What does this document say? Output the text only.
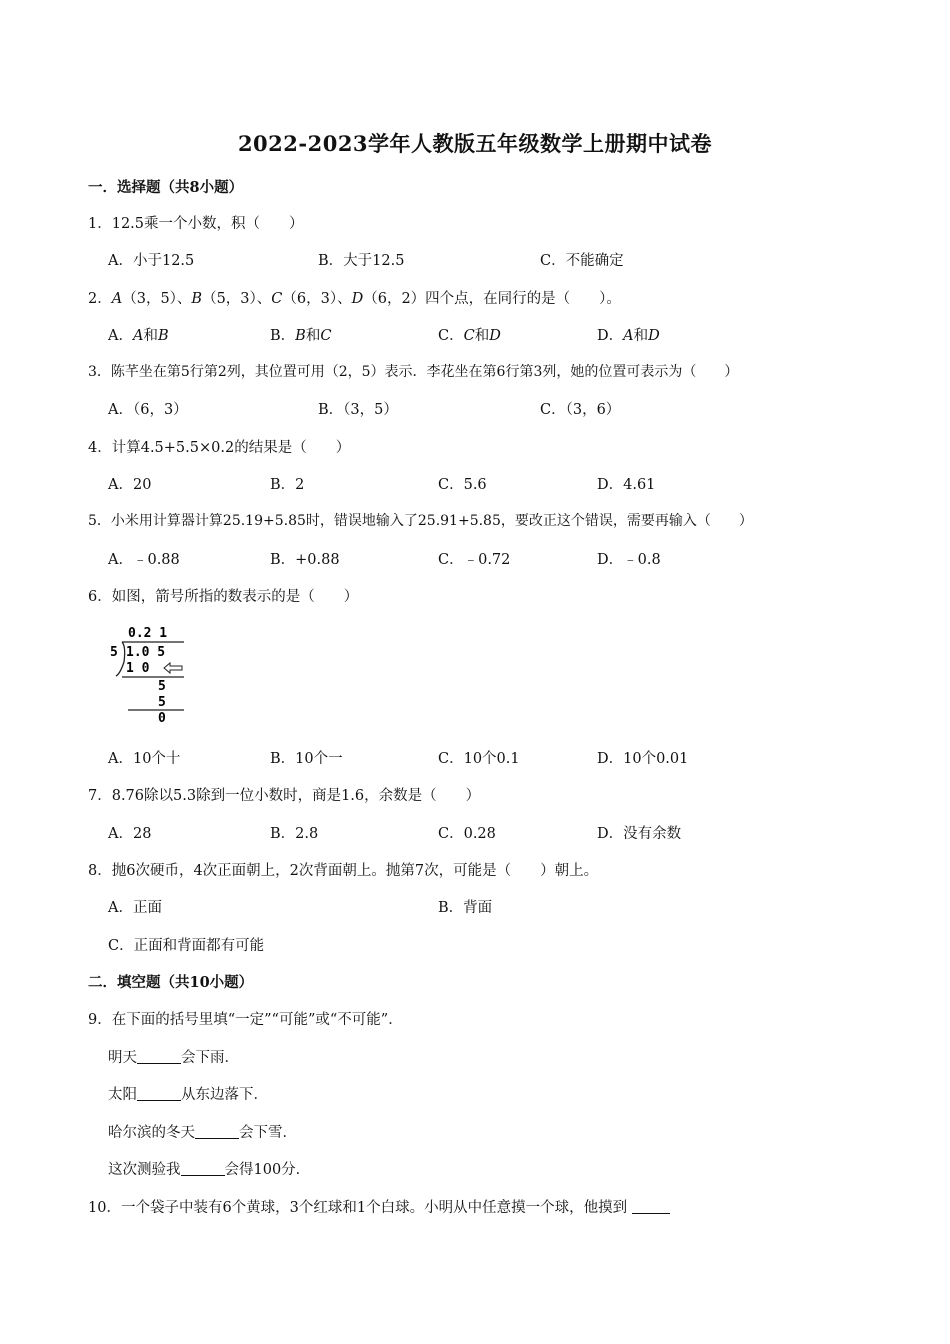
2022-2023学年人教版五年级数学上册期中试卷
一．选择题（共8小题）
1．12.5乘一个小数，积（　　）
A．小于12.5	B．大于12.5	C．不能确定
2．A（3，5）、B（5，3）、C（6，3）、D（6，2）四个点，在同行的是（　　）。
A．A和B	B．B和C	C．C和D	D．A和D
3．陈芊坐在第5行第2列，其位置可用（2，5）表示．李花坐在第6行第3列，她的位置可表示为（　　）
A．（6，3）	B．（3，5）	C．（3，6）
4．计算4.5+5.5×0.2的结果是（　　）
A．20	B．2	C．5.6	D．4.61
5．小米用计算器计算25.19+5.85时，错误地输入了25.91+5.85，要改正这个错误，需要再输入（　　）
A．﹣0.88	B．+0.88	C．﹣0.72	D．﹣0.8
6．如图，箭号所指的数表示的是（　　）
0.2 1
5 1.0 5
1 0
5
5
0
A．10个十	B．10个一	C．10个0.1	D．10个0.01
7．8.76除以5.3除到一位小数时，商是1.6，余数是（　　）
A．28	B．2.8	C．0.28	D．没有余数
8．抛6次硬币，4次正面朝上，2次背面朝上。抛第7次，可能是（　　）朝上。
A．正面	B．背面
C．正面和背面都有可能
二．填空题（共10小题）
9．在下面的括号里填“一定”“可能”或“不可能”．
明天	会下雨．
太阳	从东边落下．
哈尔滨的冬天	会下雪．
这次测验我	会得100分．
10．一个袋子中装有6个黄球，3个红球和1个白球。小明从中任意摸一个球，他摸到
